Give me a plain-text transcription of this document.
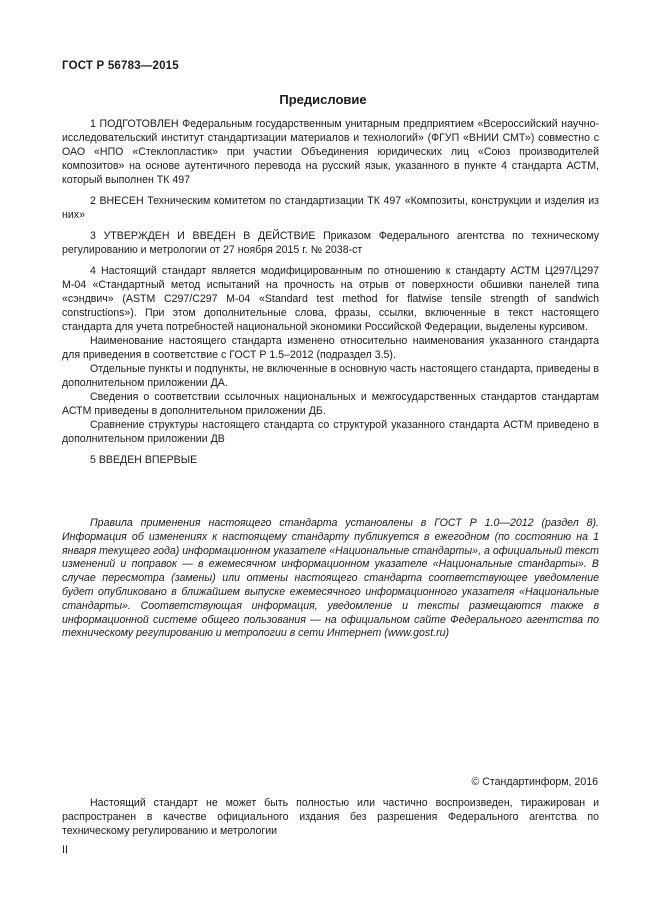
ГОСТ Р 56783—2015
Предисловие

1 ПОДГОТОВЛЕН Федеральным государственным унитарным предприятием «Всероссийский научно-исследовательский институт стандартизации материалов и технологий» (ФГУП «ВНИИ СМТ») совместно с ОАО «НПО «Стеклопластик» при участии Объединения юридических лиц «Союз производителей композитов» на основе аутентичного перевода на русский язык, указанного в пункте 4 стандарта АСТМ, который выполнен ТК 497

2 ВНЕСЕН Техническим комитетом по стандартизации ТК 497 «Композиты, конструкции и изделия из них»

3 УТВЕРЖДЕН И ВВЕДЕН В ДЕЙСТВИЕ Приказом Федерального агентства по техническому регулированию и метрологии от 27 ноября 2015 г. № 2038-ст

4 Настоящий стандарт является модифицированным по отношению к стандарту АСТМ Ц297/Ц297 М-04 «Стандартный метод испытаний на прочность на отрыв от поверхности обшивки панелей типа «сэндвич» (ASTM C297/C297 M-04 «Standard test method for flatwise tensile strength of sandwich constructions»). При этом дополнительные слова, фразы, ссылки, включенные в текст настоящего стандарта для учета потребностей национальной экономики Российской Федерации, выделены курсивом.

Наименование настоящего стандарта изменено относительно наименования указанного стандарта для приведения в соответствие с ГОСТ Р 1.5–2012 (подраздел 3.5).

Отдельные пункты и подпункты, не включенные в основную часть настоящего стандарта, приведены в дополнительном приложении ДА.

Сведения о соответствии ссылочных национальных и межгосударственных стандартов стандартам АСТМ приведены в дополнительном приложении ДБ.

Сравнение структуры настоящего стандарта со структурой указанного стандарта АСТМ приведено в дополнительном приложении ДВ

5 ВВЕДЕН ВПЕРВЫЕ

Правила применения настоящего стандарта установлены в ГОСТ Р 1.0—2012 (раздел 8). Информация об изменениях к настоящему стандарту публикуется в ежегодном (по состоянию на 1 января текущего года) информационном указателе «Национальные стандарты», а официальный текст изменений и поправок — в ежемесячном информационном указателе «Национальные стандарты». В случае пересмотра (замены) или отмены настоящего стандарта соответствующее уведомление будет опубликовано в ближайшем выпуске ежемесячного информационного указателя «Национальные стандарты». Соответствующая информация, уведомление и тексты размещаются также в информационной системе общего пользования — на официальном сайте Федерального агентства по техническому регулированию и метрологии в сети Интернет (www.gost.ru)

© Стандартинформ, 2016

Настоящий стандарт не может быть полностью или частично воспроизведен, тиражирован и распространен в качестве официального издания без разрешения Федерального агентства по техническому регулированию и метрологии

II
